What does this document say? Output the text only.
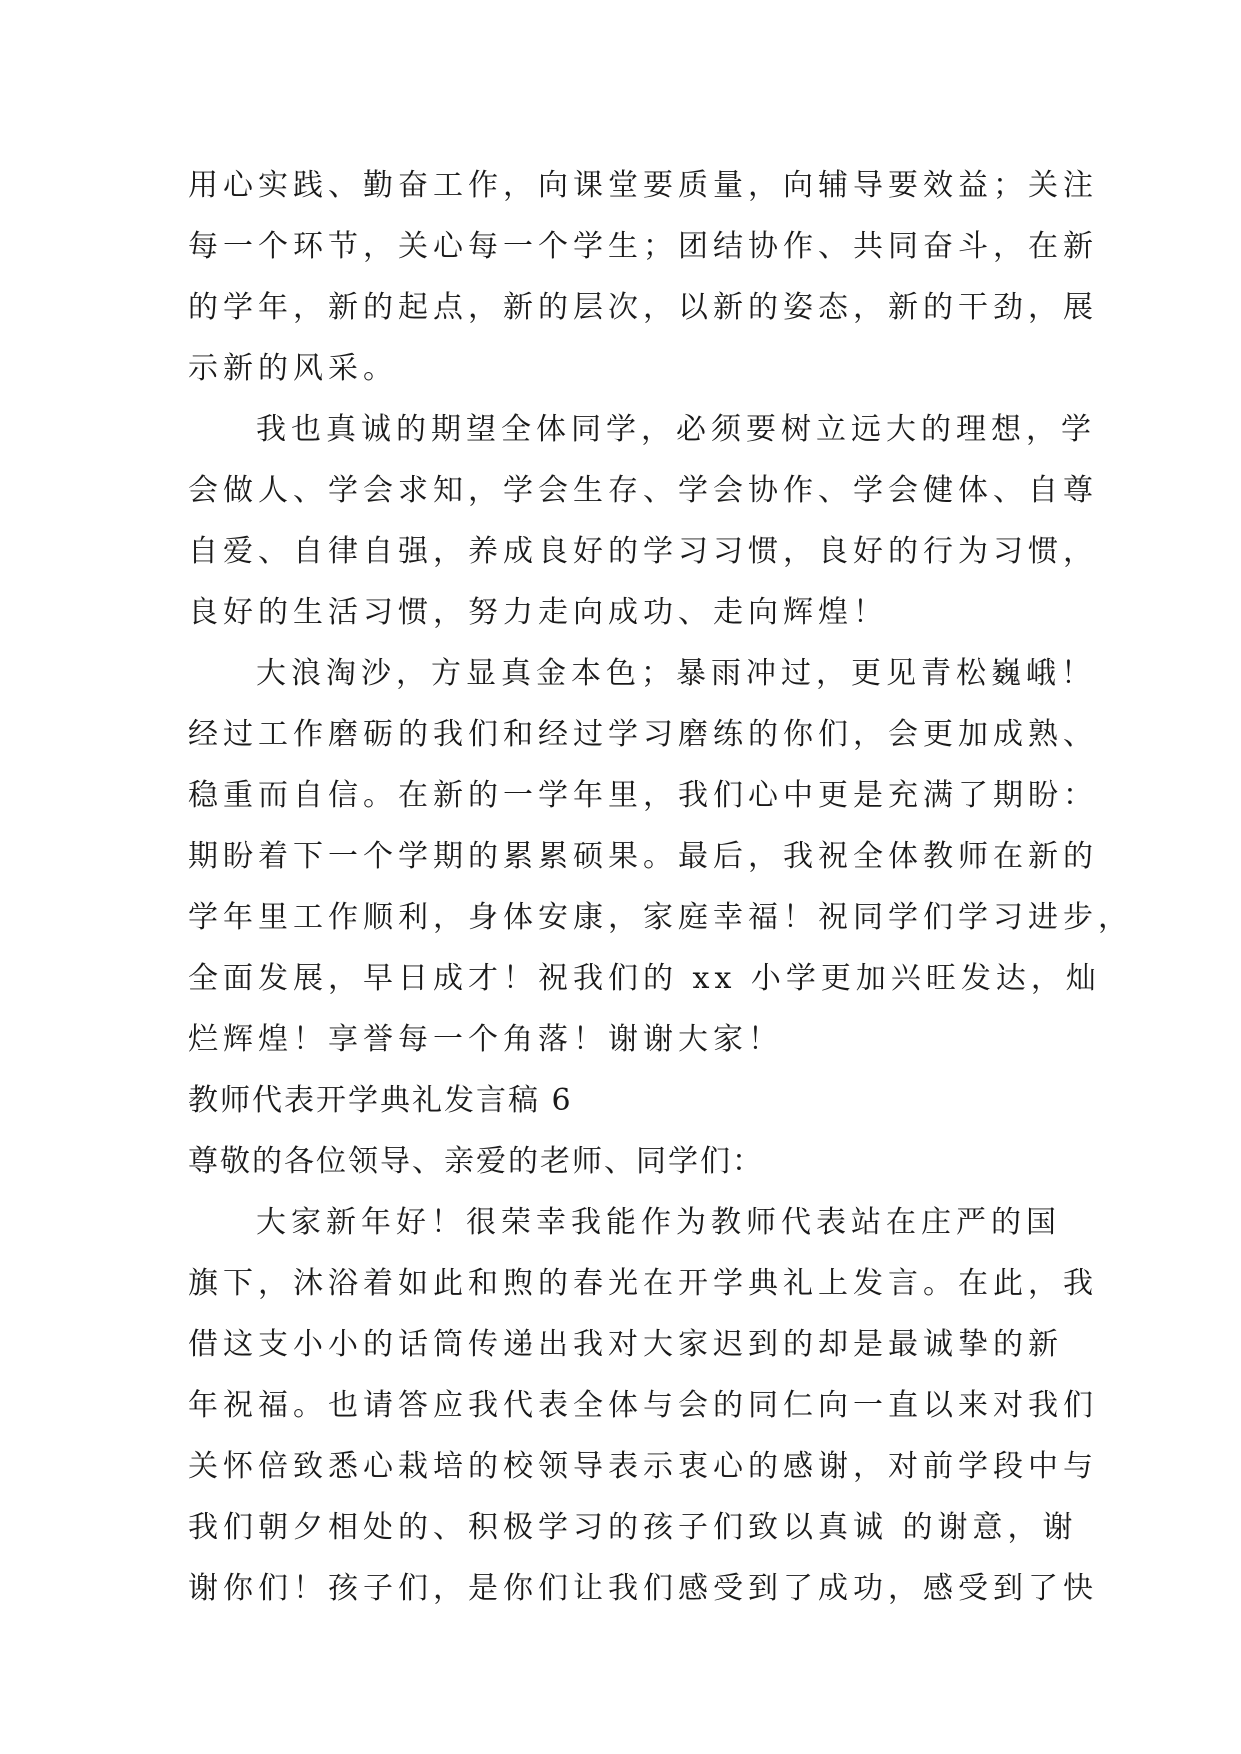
用心实践、勤奋工作，向课堂要质量，向辅导要效益；关注
每一个环节，关心每一个学生；团结协作、共同奋斗，在新
的学年，新的起点，新的层次，以新的姿态，新的干劲，展
示新的风采。
我也真诚的期望全体同学，必须要树立远大的理想，学
会做人、学会求知，学会生存、学会协作、学会健体、自尊
自爱、自律自强，养成良好的学习习惯，良好的行为习惯，
良好的生活习惯，努力走向成功、走向辉煌！
大浪淘沙，方显真金本色；暴雨冲过，更见青松巍峨！
经过工作磨砺的我们和经过学习磨练的你们，会更加成熟、
稳重而自信。在新的一学年里，我们心中更是充满了期盼：
期盼着下一个学期的累累硕果。最后，我祝全体教师在新的
学年里工作顺利，身体安康，家庭幸福！祝同学们学习进步，
全面发展，早日成才！祝我们的 xx 小学更加兴旺发达，灿
烂辉煌！享誉每一个角落！谢谢大家！
教师代表开学典礼发言稿 6
尊敬的各位领导、亲爱的老师、同学们：
大家新年好！很荣幸我能作为教师代表站在庄严的国
旗下，沐浴着如此和煦的春光在开学典礼上发言。在此，我
借这支小小的话筒传递出我对大家迟到的却是最诚挚的新
年祝福。也请答应我代表全体与会的同仁向一直以来对我们
关怀倍致悉心栽培的校领导表示衷心的感谢，对前学段中与
我们朝夕相处的、积极学习的孩子们致以真诚 的谢意，谢
谢你们！孩子们，是你们让我们感受到了成功，感受到了快
